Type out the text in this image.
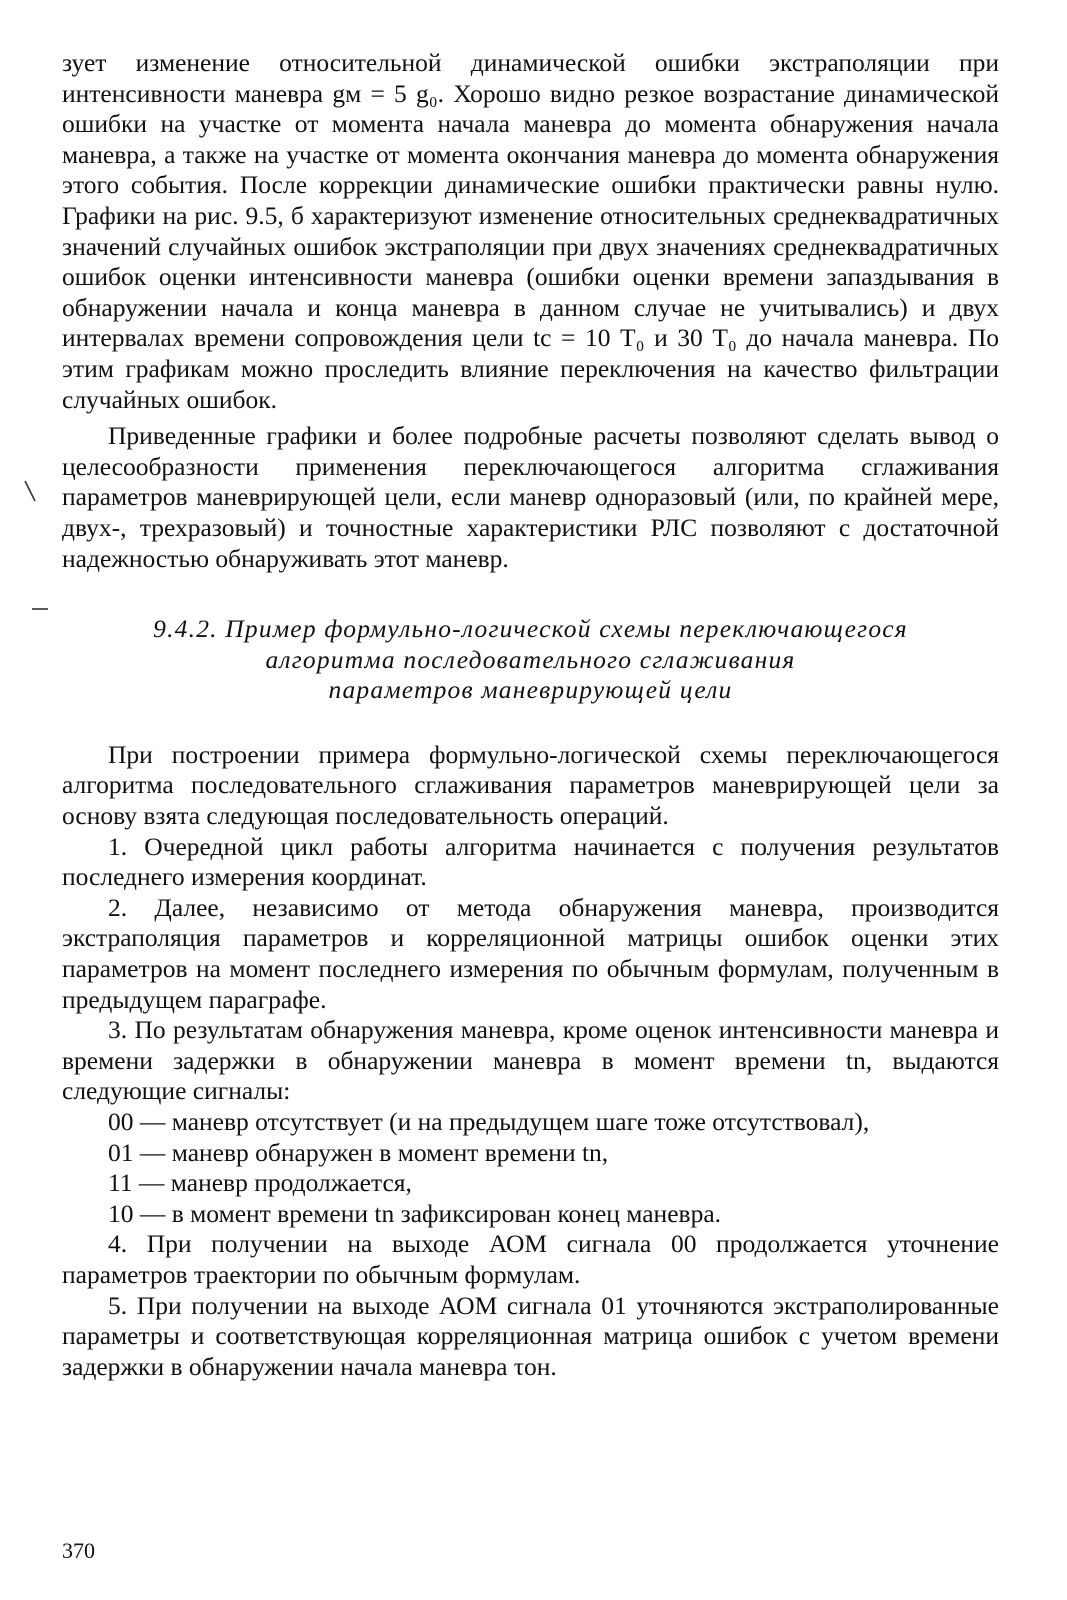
зует изменение относительной динамической ошибки экстраполяции при интенсивности маневра gм = 5 g₀. Хорошо видно резкое возрастание динамической ошибки на участке от момента начала маневра до момента обнаружения начала маневра, а также на участке от момента окончания маневра до момента обнаружения этого события. После коррекции динамические ошибки практически равны нулю. Графики на рис. 9.5, б характеризуют изменение относительных среднеквадратичных значений случайных ошибок экстраполяции при двух значениях среднеквадратичных ошибок оценки интенсивности маневра (ошибки оценки времени запаздывания в обнаружении начала и конца маневра в данном случае не учитывались) и двух интервалах времени сопровождения цели tс = 10 T₀ и 30 T₀ до начала маневра. По этим графикам можно проследить влияние переключения на качество фильтрации случайных ошибок.

Приведенные графики и более подробные расчеты позволяют сделать вывод о целесообразности применения переключающегося алгоритма сглаживания параметров маневрирующей цели, если маневр одноразовый (или, по крайней мере, двух-, трехразовый) и точностные характеристики РЛС позволяют с достаточной надежностью обнаруживать этот маневр.

9.4.2. Пример формульно-логической схемы переключающегося
алгоритма последовательного сглаживания
параметров маневрирующей цели

При построении примера формульно-логической схемы переключающегося алгоритма последовательного сглаживания параметров маневрирующей цели за основу взята следующая последовательность операций.

1. Очередной цикл работы алгоритма начинается с получения результатов последнего измерения координат.

2. Далее, независимо от метода обнаружения маневра, производится экстраполяция параметров и корреляционной матрицы ошибок оценки этих параметров на момент последнего измерения по обычным формулам, полученным в предыдущем параграфе.

3. По результатам обнаружения маневра, кроме оценок интенсивности маневра и времени задержки в обнаружении маневра в момент времени tn, выдаются следующие сигналы:

00 — маневр отсутствует (и на предыдущем шаге тоже отсутствовал),

01 — маневр обнаружен в момент времени tn,

11 — маневр продолжается,

10 — в момент времени tn зафиксирован конец маневра.

4. При получении на выходе АОМ сигнала 00 продолжается уточнение параметров траектории по обычным формулам.

5. При получении на выходе АОМ сигнала 01 уточняются экстраполированные параметры и соответствующая корреляционная матрица ошибок с учетом времени задержки в обнаружении начала маневра τон.

370
